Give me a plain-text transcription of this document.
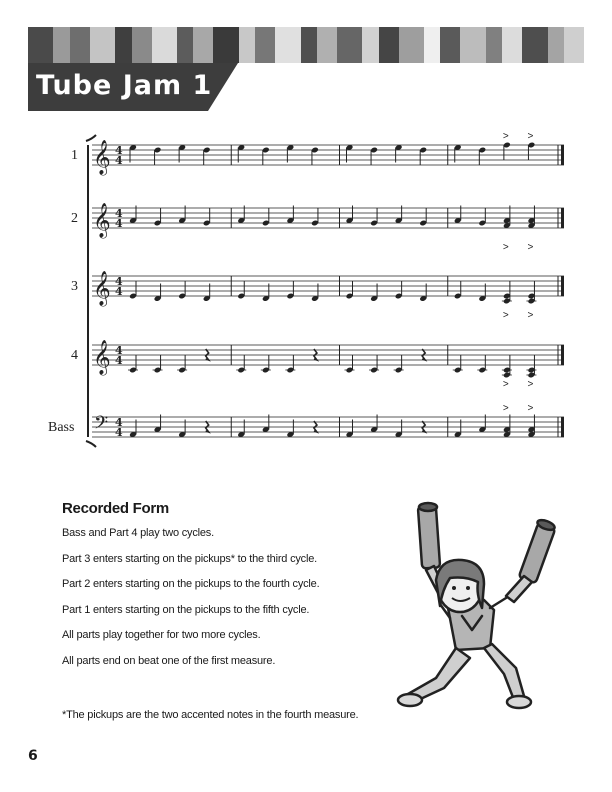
Tube Jam 1
1 𝄞 4
4
> >
2 𝄞 4
4
> >
3 𝄞 4
4
> >
4 𝄞 4
4
> >
Bass 𝄢 4
4
> >

Recorded Form

Bass and Part 4 play two cycles.

Part 3 enters starting on the pickups* to the third cycle.

Part 2 enters starting on the pickups to the fourth cycle.

Part 1 enters starting on the pickups to the fifth cycle.

All parts play together for two more cycles.

All parts end on beat one of the first measure.

*The pickups are the two accented notes in the fourth measure.
6
